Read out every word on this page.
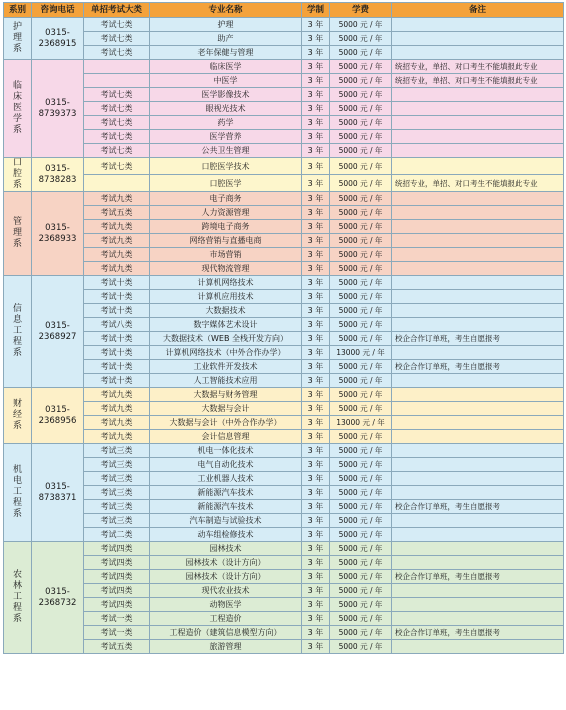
系别	咨询电话	单招考试大类	专业名称	学制	学费	备注
护理系	0315-2368915	考试七类	护理	3 年	5000 元 / 年	
		考试七类	助产	3 年	5000 元 / 年	
		考试七类	老年保健与管理	3 年	5000 元 / 年	
临床医学系	0315-8739373		临床医学	3 年	5000 元 / 年	统招专业，单招、对口考生不能填报此专业
			中医学	3 年	5000 元 / 年	统招专业，单招、对口考生不能填报此专业
		考试七类	医学影像技术	3 年	5000 元 / 年	
		考试七类	眼视光技术	3 年	5000 元 / 年	
		考试七类	药学	3 年	5000 元 / 年	
		考试七类	医学营养	3 年	5000 元 / 年	
		考试七类	公共卫生管理	3 年	5000 元 / 年	
口腔系	0315-8738283	考试七类	口腔医学技术	3 年	5000 元 / 年	
			口腔医学	3 年	5000 元 / 年	统招专业，单招、对口考生不能填报此专业
管理系	0315-2368933	考试九类	电子商务	3 年	5000 元 / 年	
		考试五类	人力资源管理	3 年	5000 元 / 年	
		考试九类	跨境电子商务	3 年	5000 元 / 年	
		考试九类	网络营销与直播电商	3 年	5000 元 / 年	
		考试九类	市场营销	3 年	5000 元 / 年	
		考试九类	现代物流管理	3 年	5000 元 / 年	
信息工程系	0315-2368927	考试十类	计算机网络技术	3 年	5000 元 / 年	
		考试十类	计算机应用技术	3 年	5000 元 / 年	
		考试十类	大数据技术	3 年	5000 元 / 年	
		考试八类	数字媒体艺术设计	3 年	5000 元 / 年	
		考试十类	大数据技术（WEB 全栈开发方向）	3 年	5000 元 / 年	校企合作订单班，考生自愿报考
		考试十类	计算机网络技术（中外合作办学）	3 年	13000 元 / 年	
		考试十类	工业软件开发技术	3 年	5000 元 / 年	校企合作订单班，考生自愿报考
		考试十类	人工智能技术应用	3 年	5000 元 / 年	
财经系	0315-2368956	考试九类	大数据与财务管理	3 年	5000 元 / 年	
		考试九类	大数据与会计	3 年	5000 元 / 年	
		考试九类	大数据与会计（中外合作办学）	3 年	13000 元 / 年	
		考试九类	会计信息管理	3 年	5000 元 / 年	
机电工程系	0315-8738371	考试三类	机电一体化技术	3 年	5000 元 / 年	
		考试三类	电气自动化技术	3 年	5000 元 / 年	
		考试三类	工业机器人技术	3 年	5000 元 / 年	
		考试三类	新能源汽车技术	3 年	5000 元 / 年	
		考试三类	新能源汽车技术	3 年	5000 元 / 年	校企合作订单班，考生自愿报考
		考试三类	汽车制造与试验技术	3 年	5000 元 / 年	
		考试二类	动车组检修技术	3 年	5000 元 / 年	
农林工程系	0315-2368732	考试四类	园林技术	3 年	5000 元 / 年	
		考试四类	园林技术（设计方向）	3 年	5000 元 / 年	
		考试四类	园林技术（设计方向）	3 年	5000 元 / 年	校企合作订单班，考生自愿报考
		考试四类	现代农业技术	3 年	5000 元 / 年	
		考试四类	动物医学	3 年	5000 元 / 年	
		考试一类	工程造价	3 年	5000 元 / 年	
		考试一类	工程造价（建筑信息模型方向）	3 年	5000 元 / 年	校企合作订单班，考生自愿报考
		考试五类	旅游管理	3 年	5000 元 / 年	
